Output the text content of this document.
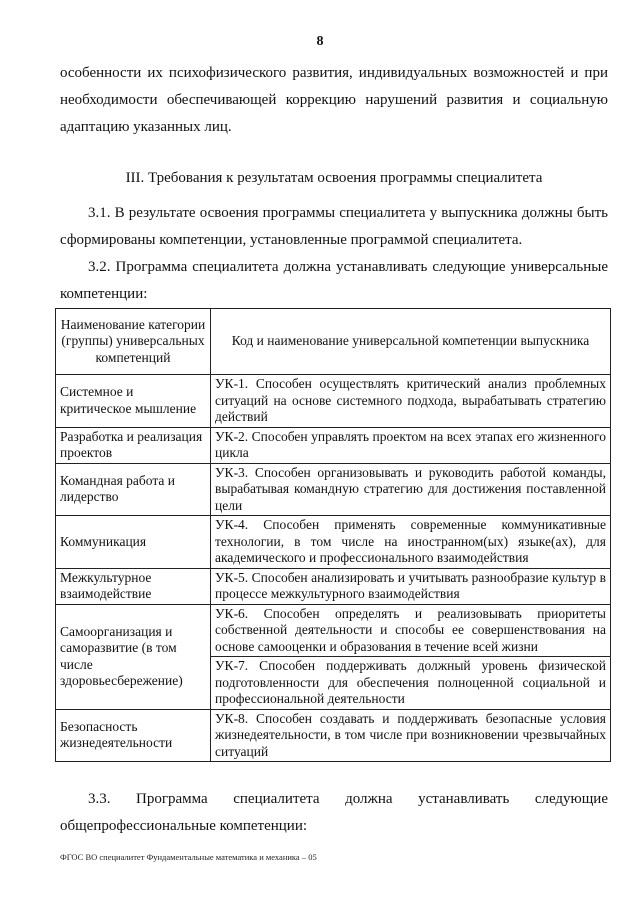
8
особенности их психофизического развития, индивидуальных возможностей и при необходимости обеспечивающей коррекцию нарушений развития и социальную адаптацию указанных лиц.
III. Требования к результатам освоения программы специалитета
3.1. В результате освоения программы специалитета у выпускника должны быть сформированы компетенции, установленные программой специалитета.
3.2. Программа специалитета должна устанавливать следующие универсальные компетенции:
Наименование категории (группы) универсальных компетенций	Код и наименование универсальной компетенции выпускника
Системное и критическое мышление	УК-1. Способен осуществлять критический анализ проблемных ситуаций на основе системного подхода, вырабатывать стратегию действий
Разработка и реализация проектов	УК-2. Способен управлять проектом на всех этапах его жизненного цикла
Командная работа и лидерство	УК-3. Способен организовывать и руководить работой команды, вырабатывая командную стратегию для достижения поставленной цели
Коммуникация	УК-4. Способен применять современные коммуникативные технологии, в том числе на иностранном(ых) языке(ах), для академического и профессионального взаимодействия
Межкультурное взаимодействие	УК-5. Способен анализировать и учитывать разнообразие культур в процессе межкультурного взаимодействия
Самоорганизация и саморазвитие (в том числе здоровьесбережение)	УК-6. Способен определять и реализовывать приоритеты собственной деятельности и способы ее совершенствования на основе самооценки и образования в течение всей жизни
	УК-7. Способен поддерживать должный уровень физической подготовленности для обеспечения полноценной социальной и профессиональной деятельности
Безопасность жизнедеятельности	УК-8. Способен создавать и поддерживать безопасные условия жизнедеятельности, в том числе при возникновении чрезвычайных ситуаций
3.3. Программа специалитета должна устанавливать следующие
общепрофессиональные компетенции:
ФГОС ВО специалитет Фундаментальные математика и механика – 05
